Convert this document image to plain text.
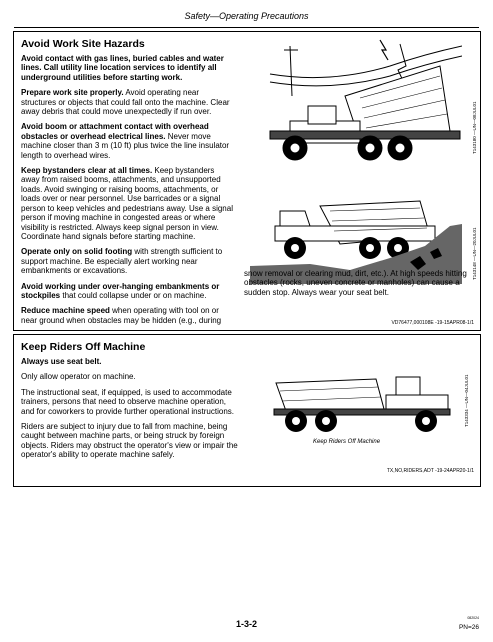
Safety—Operating Precautions
Avoid Work Site Hazards

Avoid contact with gas lines, buried cables and water lines. Call utility line location services to identify all underground utilities before starting work.

Prepare work site properly. Avoid operating near structures or objects that could fall onto the machine. Clear away debris that could move unexpectedly if run over.

Avoid boom or attachment contact with overhead obstacles or overhead electrical lines. Never move machine closer than 3 m (10 ft) plus twice the line insulator length to overhead wires.

Keep bystanders clear at all times. Keep bystanders away from raised booms, attachments, and unsupported loads. Avoid swinging or raising booms, attachments, or loads over or near personnel. Use barricades or a signal person to keep vehicles and pedestrians away. Use a signal person if moving machine in congested areas or where visibility is restricted. Always keep signal person in view. Coordinate hand signals before starting machine.

Operate only on solid footing with strength sufficient to support machine. Be especially alert working near embankments or excavations.

Avoid working under over-hanging embankments or stockpiles that could collapse under or on machine.

Reduce machine speed when operating with tool on or near ground when obstacles may be hidden (e.g., during

T143180 —UN—08JUL01
T143148 —UN—20JUL01
snow removal or clearing mud, dirt, etc.). At high speeds hitting obstacles (rocks, uneven concrete or manholes) can cause a sudden stop. Always wear your seat belt.
VD76477,000108E -19-15APR08-1/1
Keep Riders Off Machine

Always use seat belt.

Only allow operator on machine.

The instructional seat, if equipped, is used to accommodate trainers, persons that need to observe machine operation, and for coworkers to provide further operational instructions.

Riders are subject to injury due to fall from machine, being caught between machine parts, or being struck by foreign objects. Riders may obstruct the operator's view or impair the operator's ability to operate machine safely.

Keep Riders Off Machine
T143334 —UN—04JUL01
TX,NO,RIDERS,ADT -19-24APR20-1/1
082024
1-3-2	PN=26
